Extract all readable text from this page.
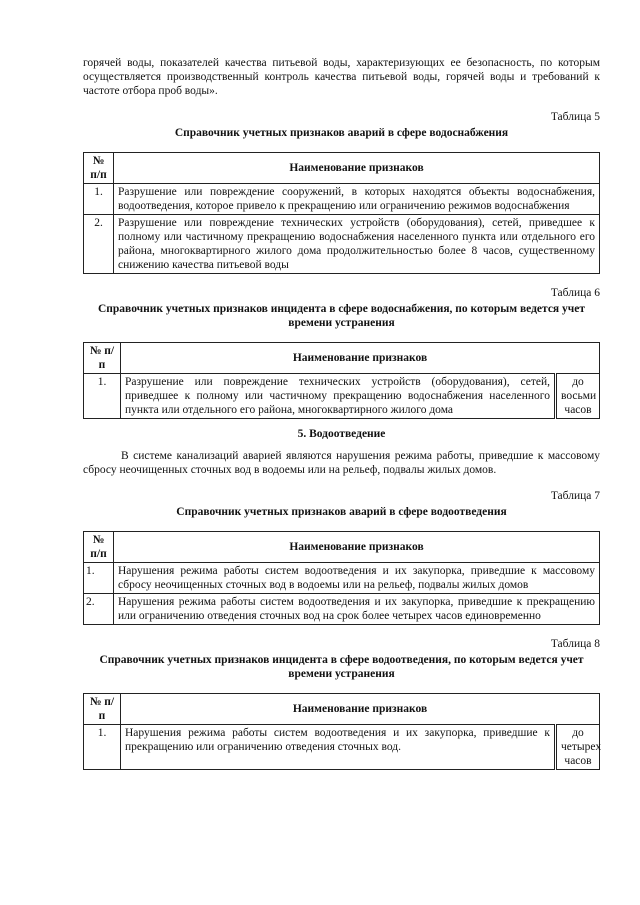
горячей воды, показателей качества питьевой воды, характеризующих ее безопасность, по которым осуществляется производственный контроль качества питьевой воды, горячей воды и требований к частоте отбора проб воды».

Таблица 5

Справочник учетных признаков аварий в сфере водоснабжения

№ п/п	Наименование признаков
1.	Разрушение или повреждение сооружений, в которых находятся объекты водоснабжения, водоотведения, которое привело к прекращению или ограничению режимов водоснабжения
2.	Разрушение или повреждение технических устройств (оборудования), сетей, приведшее к полному или частичному прекращению водоснабжения населенного пункта или отдельного его района, многоквартирного жилого дома продолжительностью более 8 часов, существенному снижению качества питьевой воды

Таблица 6

Справочник учетных признаков инцидента в сфере водоснабжения, по которым ведется учет времени устранения

№ п/п	Наименование признаков	
1.	Разрушение или повреждение технических устройств (оборудования), сетей, приведшее к полному или частичному прекращению водоснабжения населенного пункта или отдельного его района, многоквартирного жилого дома	до восьми часов

5. Водоотведение

В системе канализаций аварией являются нарушения режима работы, приведшие к массовому сбросу неочищенных сточных вод в водоемы или на рельеф, подвалы жилых домов.

Таблица 7

Справочник учетных признаков аварий в сфере водоотведения

№ п/п	Наименование признаков
1.	Нарушения режима работы систем водоотведения и их закупорка, приведшие к массовому сбросу неочищенных сточных вод в водоемы или на рельеф, подвалы жилых домов
2.	Нарушения режима работы систем водоотведения и их закупорка, приведшие к прекращению или ограничению отведения сточных вод на срок более четырех часов единовременно

Таблица 8

Справочник учетных признаков инцидента в сфере водоотведения, по которым ведется учет времени устранения

№ п/п	Наименование признаков	
1.	Нарушения режима работы систем водоотведения и их закупорка, приведшие к прекращению или ограничению отведения сточных вод.	до четырех часов
